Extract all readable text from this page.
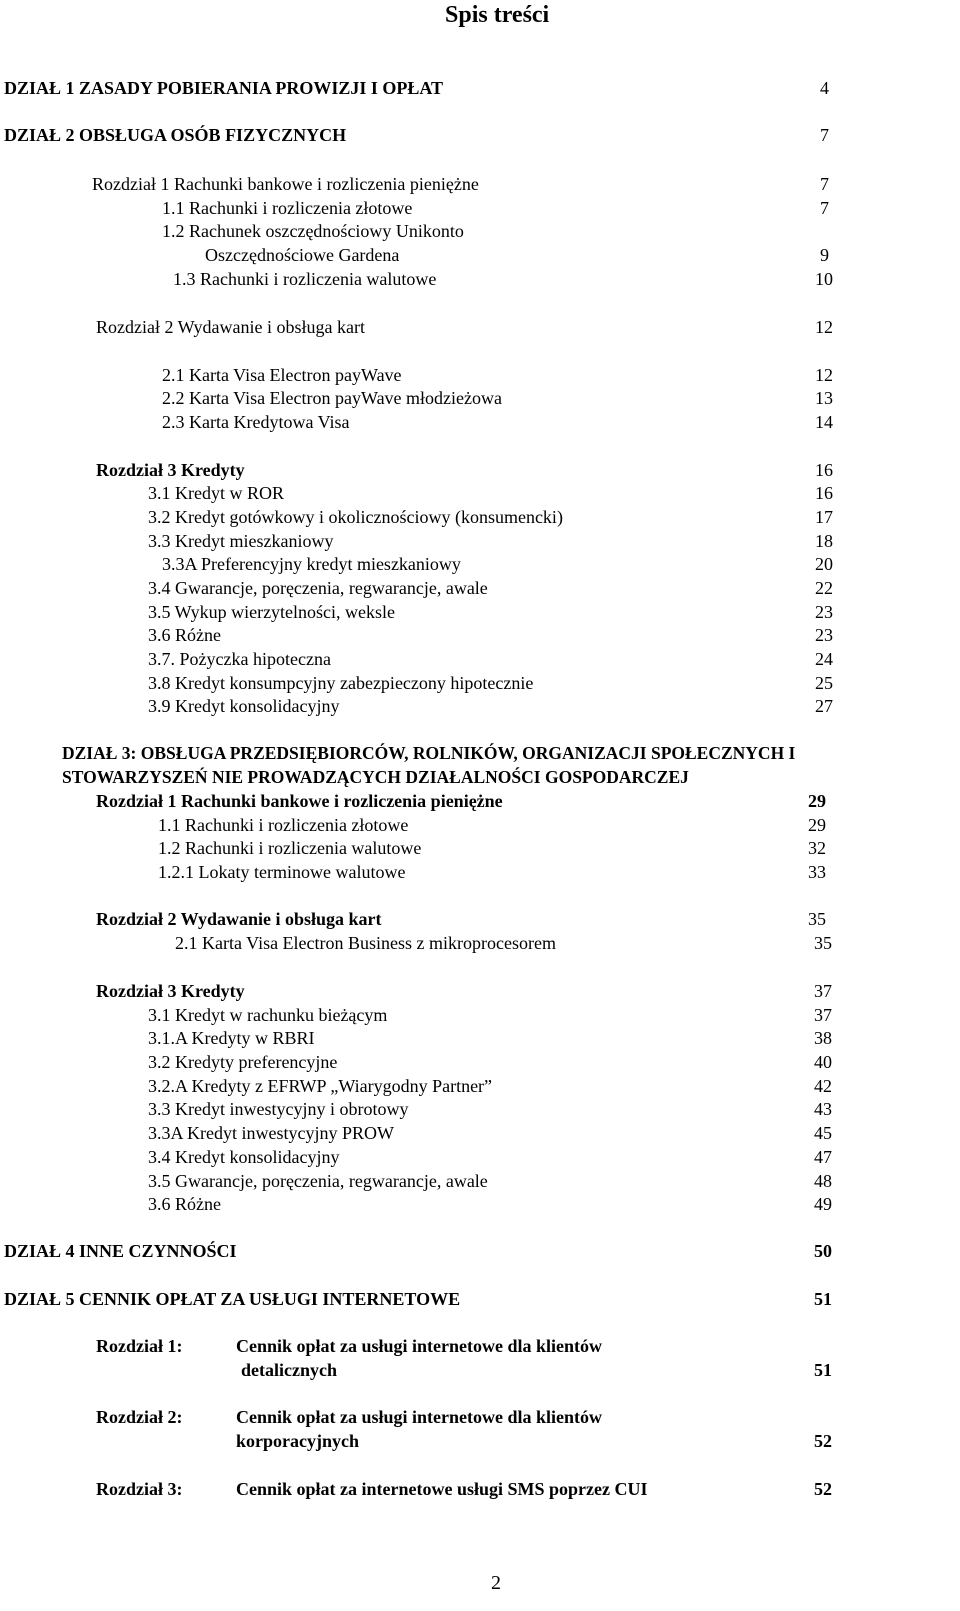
Spis treści
DZIAŁ 1 ZASADY POBIERANIA PROWIZJI I OPŁAT	4
DZIAŁ 2 OBSŁUGA OSÓB FIZYCZNYCH	7
Rozdział 1 Rachunki bankowe i rozliczenia pieniężne	7
1.1 Rachunki i rozliczenia złotowe	7
1.2 Rachunek oszczędnościowy Unikonto
Oszczędnościowe Gardena	9
1.3 Rachunki i rozliczenia walutowe	10
Rozdział 2 Wydawanie i obsługa kart	12
2.1 Karta Visa Electron payWave	12
2.2 Karta Visa Electron payWave młodzieżowa	13
2.3 Karta Kredytowa Visa	14
Rozdział 3 Kredyty	16
3.1 Kredyt w ROR	16
3.2 Kredyt gotówkowy i okolicznościowy (konsumencki)	17
3.3 Kredyt mieszkaniowy	18
3.3A Preferencyjny kredyt mieszkaniowy	20
3.4 Gwarancje, poręczenia, regwarancje, awale	22
3.5 Wykup wierzytelności, weksle	23
3.6 Różne	23
3.7. Pożyczka hipoteczna	24
3.8 Kredyt konsumpcyjny zabezpieczony hipotecznie	25
3.9 Kredyt konsolidacyjny	27
DZIAŁ 3: OBSŁUGA PRZEDSIĘBIORCÓW, ROLNIKÓW, ORGANIZACJI SPOŁECZNYCH I
STOWARZYSZEŃ NIE PROWADZĄCYCH DZIAŁALNOŚCI GOSPODARCZEJ
Rozdział 1 Rachunki bankowe i rozliczenia pieniężne	29
1.1 Rachunki i rozliczenia złotowe	29
1.2 Rachunki i rozliczenia walutowe	32
1.2.1 Lokaty terminowe walutowe	33
Rozdział 2 Wydawanie i obsługa kart	35
2.1 Karta Visa Electron Business z mikroprocesorem	35
Rozdział 3 Kredyty	37
3.1 Kredyt w rachunku bieżącym	37
3.1.A Kredyty w RBRI	38
3.2 Kredyty preferencyjne	40
3.2.A Kredyty z EFRWP „Wiarygodny Partner”	42
3.3 Kredyt inwestycyjny i obrotowy	43
3.3A Kredyt inwestycyjny PROW	45
3.4 Kredyt konsolidacyjny	47
3.5 Gwarancje, poręczenia, regwarancje, awale	48
3.6 Różne	49
DZIAŁ 4 INNE CZYNNOŚCI	50
DZIAŁ 5 CENNIK OPŁAT ZA USŁUGI INTERNETOWE	51
Rozdział 1:	Cennik opłat za usługi internetowe dla klientów
detalicznych	51
Rozdział 2:	Cennik opłat za usługi internetowe dla klientów
korporacyjnych	52
Rozdział 3:	Cennik opłat za internetowe usługi SMS poprzez CUI	52
2
